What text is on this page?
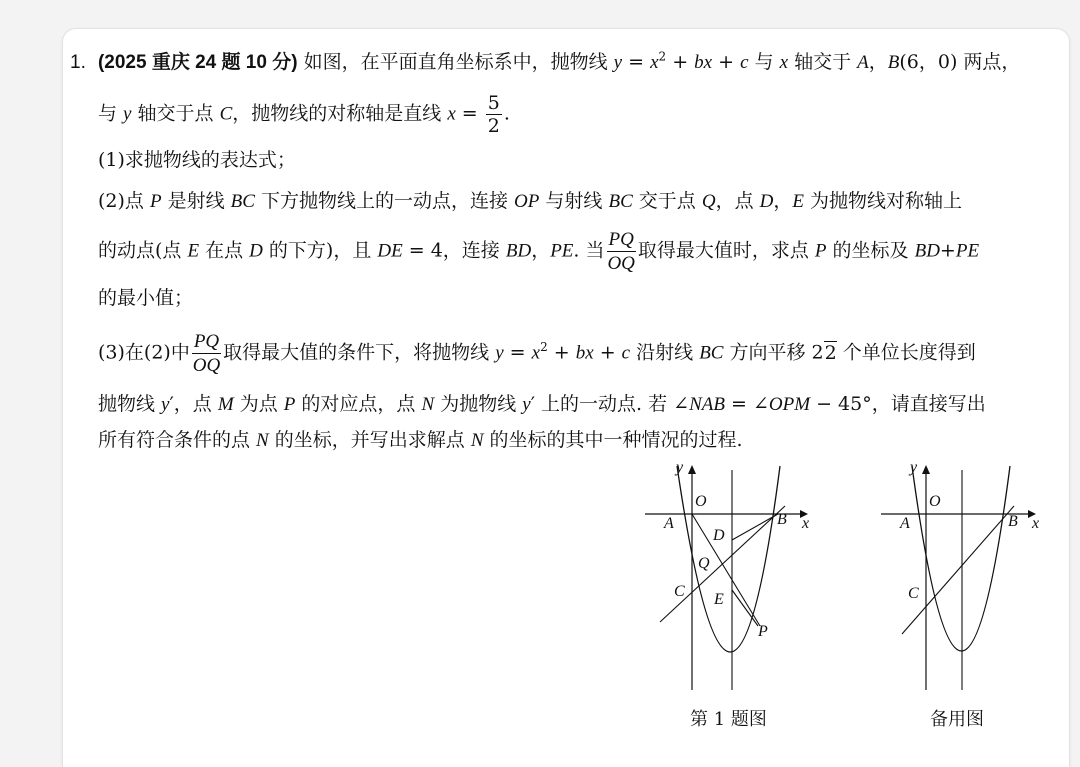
1. (2025 重庆 24 题 10 分) 如图，在平面直角坐标系中，抛物线 $y = x^2$ + bx + c 与 x 轴交于 A，B(6，0) 两点，
与 y 轴交于点 C，抛物线的对称轴是直线 $x = \frac{5}{2}$ .
(1)求抛物线的表达式；
(2)点 P 是射线 BC 下方抛物线上的一动点，连接 OP 与射线 BC 交于点 Q，点 D，E 为抛物线对称轴上
的动点(点 E 在点 D 的下方)，且 DE = 4，连接 BD，PE. 当 $\frac{PQ}{OQ}$ 取得最大值时，求点 P 的坐标及 BD+PE
的最小值；
(3)在(2)中 $\frac{PQ}{OQ}$ 取得最大值的条件下，将抛物线 $y = x^2$ + bx + c 沿射线 BC 方向平移 22 个单位长度得到
抛物线 y′，点 M 为点 P 的对应点，点 N 为抛物线 y′ 上的一动点. 若 ∠NAB = ∠OPM − 45°，请直接写出
所有符合条件的点 N 的坐标，并写出求解点 N 的坐标的其中一种情况的过程.
y
O
A	B x
D
Q
C E
P
第 1 题图
y
O
A	B x
C
备用图
